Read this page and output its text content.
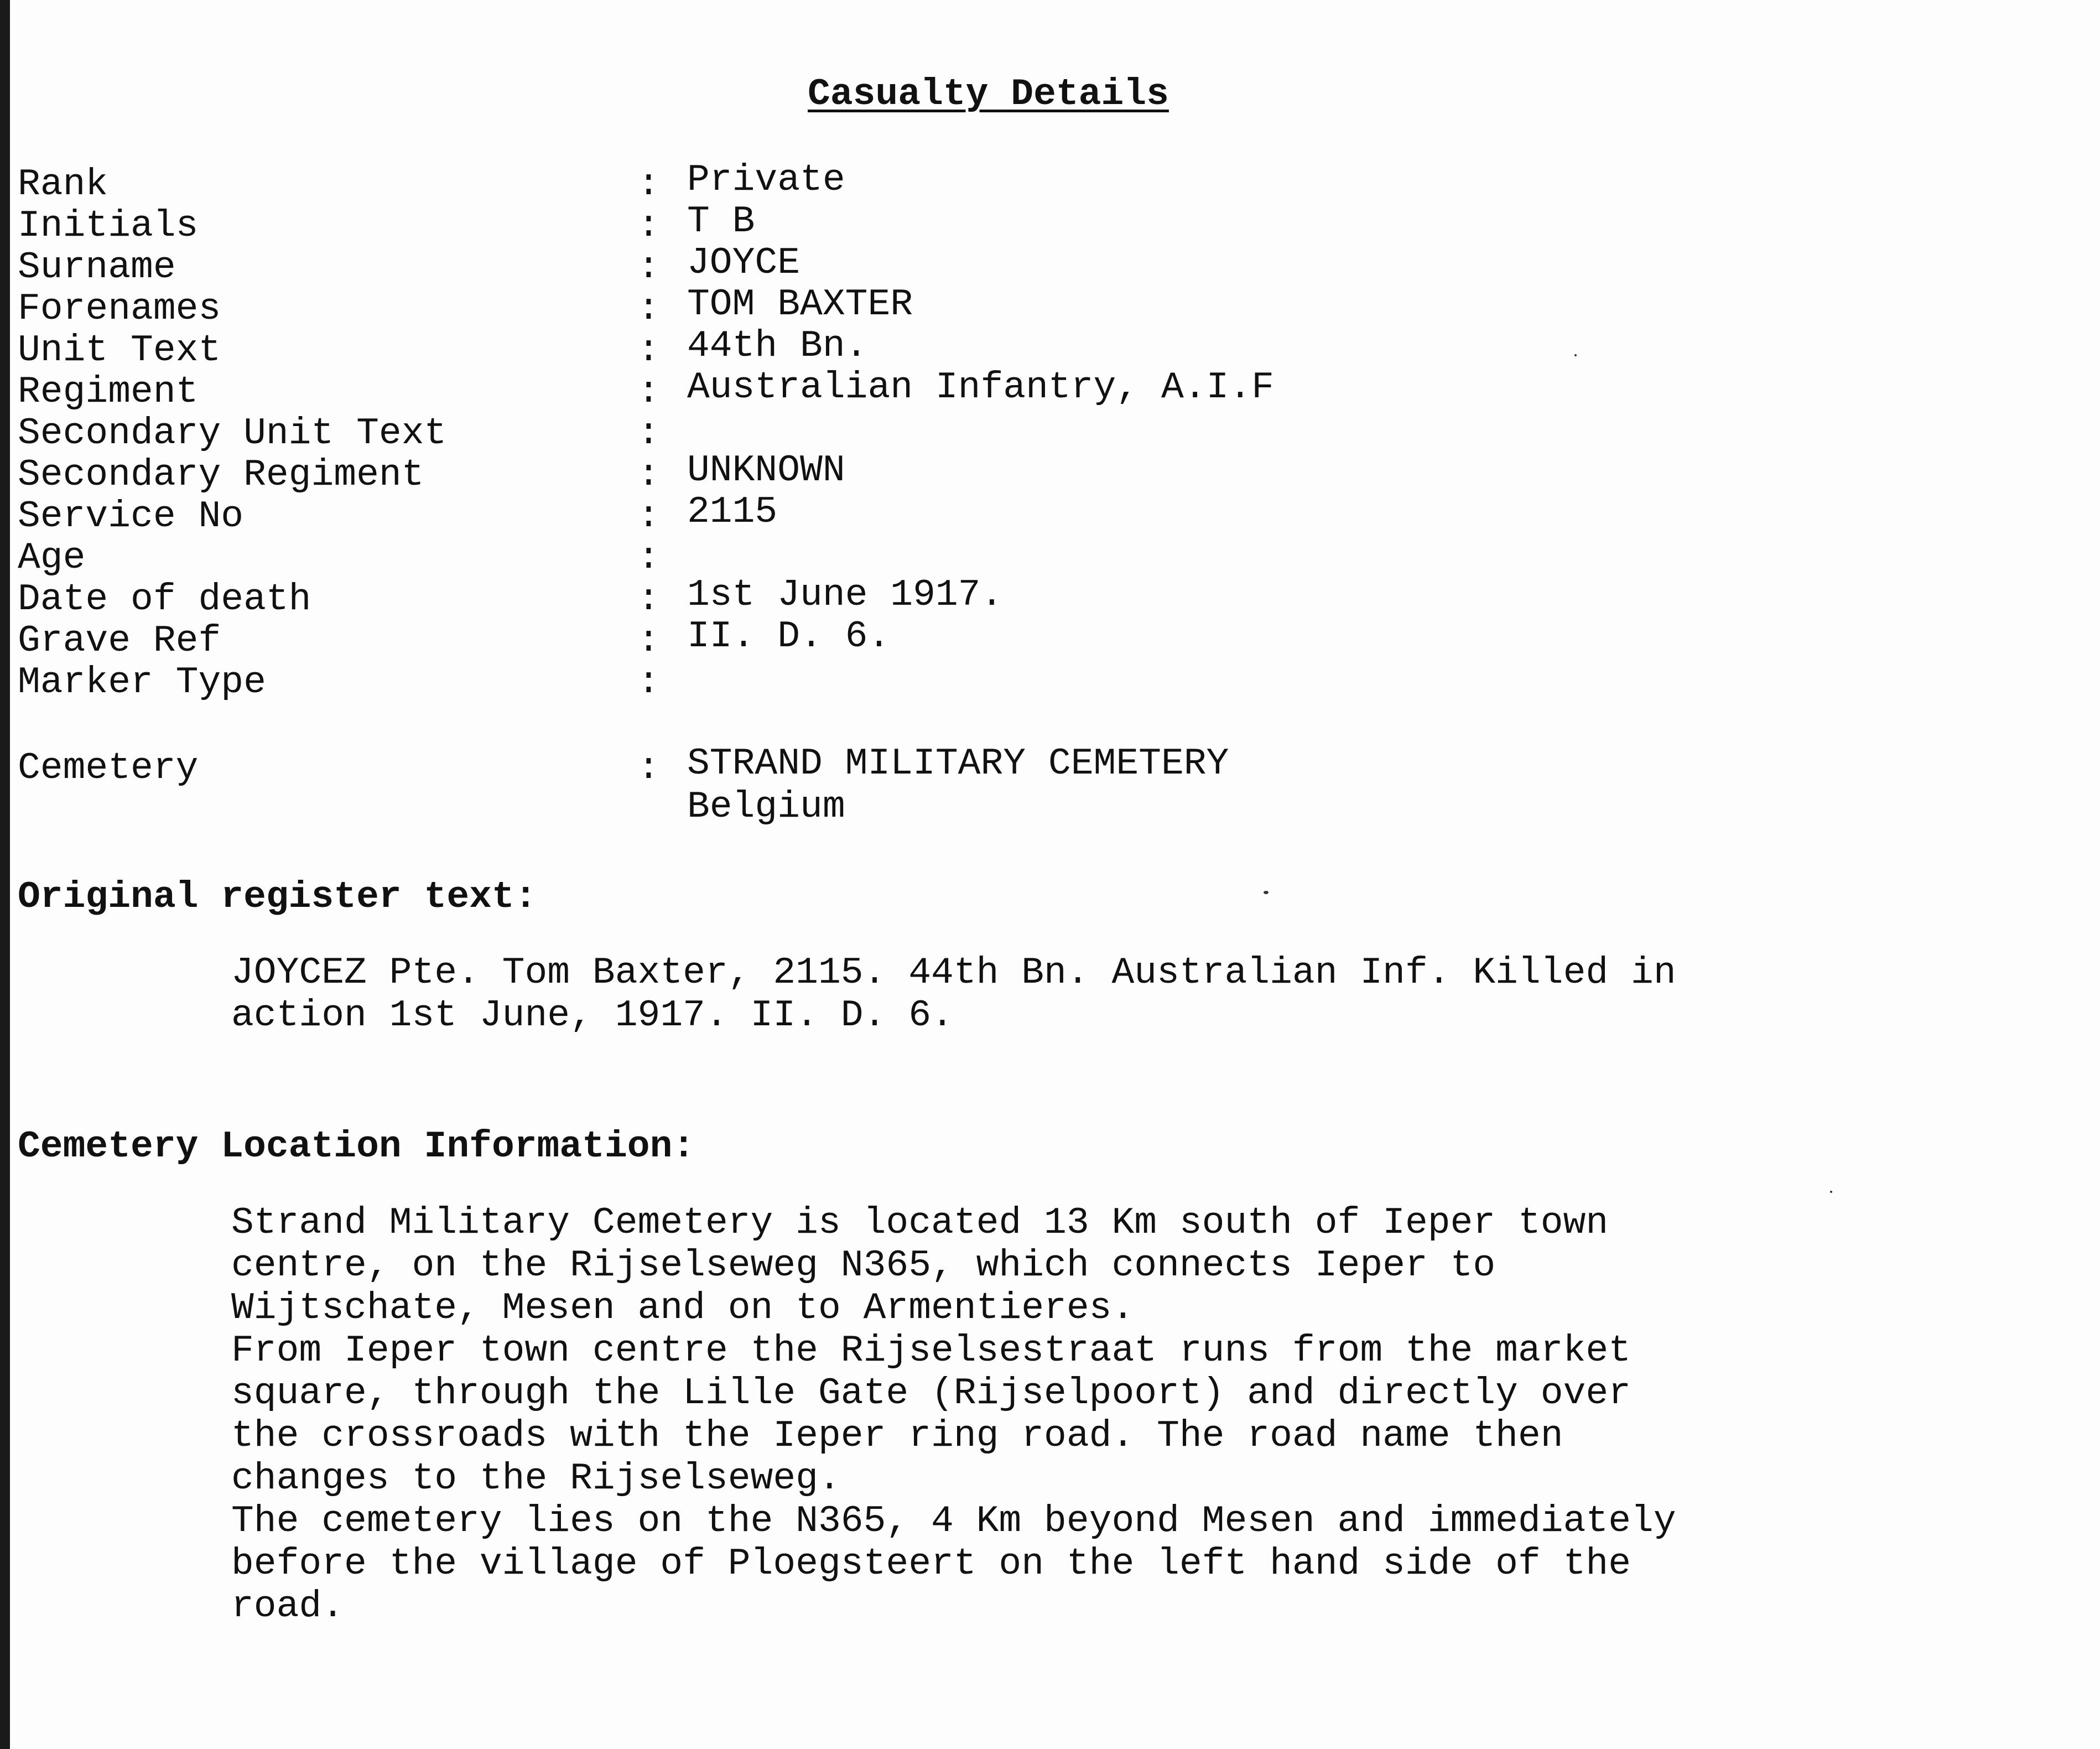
Casualty Details
Rank	: Private
Initials	: T B
Surname	: JOYCE
Forenames	: TOM BAXTER
Unit Text	: 44th Bn.
Regiment	: Australian Infantry, A.I.F
Secondary Unit Text	:
Secondary Regiment	: UNKNOWN
Service No	: 2115
Age	:
Date of death	: 1st June 1917.
Grave Ref	: II. D. 6.
Marker Type	:
Cemetery	: STRAND MILITARY CEMETERY
Belgium
Original register text:
JOYCEZ Pte. Tom Baxter, 2115. 44th Bn. Australian Inf. Killed in
action 1st June, 1917. II. D. 6.
Cemetery Location Information:
Strand Military Cemetery is located 13 Km south of Ieper town
centre, on the Rijselseweg N365, which connects Ieper to
Wijtschate, Mesen and on to Armentieres.
From Ieper town centre the Rijselsestraat runs from the market
square, through the Lille Gate (Rijselpoort) and directly over
the crossroads with the Ieper ring road. The road name then
changes to the Rijselseweg.
The cemetery lies on the N365, 4 Km beyond Mesen and immediately
before the village of Ploegsteert on the left hand side of the
road.
